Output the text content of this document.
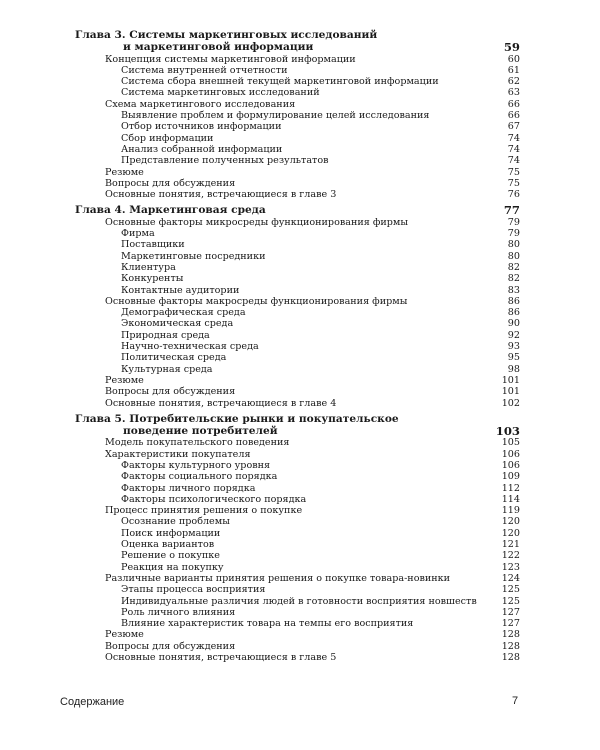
Глава 3. Системы маркетинговых исследований
и маркетинговой информации	59
Концепция системы маркетинговой информации	60
Система внутренней отчетности	61
Система сбора внешней текущей маркетинговой информации	62
Система маркетинговых исследований	63
Схема маркетингового исследования	66
Выявление проблем и формулирование целей исследования	66
Отбор источников информации	67
Сбор информации	74
Анализ собранной информации	74
Представление полученных результатов	74
Резюме	75
Вопросы для обсуждения	75
Основные понятия, встречающиеся в главе 3	76
Глава 4. Маркетинговая среда	77
Основные факторы микросреды функционирования фирмы	79
Фирма	79
Поставщики	80
Маркетинговые посредники	80
Клиентура	82
Конкуренты	82
Контактные аудитории	83
Основные факторы макросреды функционирования фирмы	86
Демографическая среда	86
Экономическая среда	90
Природная среда	92
Научно-техническая среда	93
Политическая среда	95
Культурная среда	98
Резюме	101
Вопросы для обсуждения	101
Основные понятия, встречающиеся в главе 4	102
Глава 5. Потребительские рынки и покупательское
поведение потребителей	103
Модель покупательского поведения	105
Характеристики покупателя	106
Факторы культурного уровня	106
Факторы социального порядка	109
Факторы личного порядка	112
Факторы психологического порядка	114
Процесс принятия решения о покупке	119
Осознание проблемы	120
Поиск информации	120
Оценка вариантов	121
Решение о покупке	122
Реакция на покупку	123
Различные варианты принятия решения о покупке товара-новинки	124
Этапы процесса восприятия	125
Индивидуальные различия людей в готовности восприятия новшеств	125
Роль личного влияния	127
Влияние характеристик товара на темпы его восприятия	127
Резюме	128
Вопросы для обсуждения	128
Основные понятия, встречающиеся в главе 5	128
Содержание	7
